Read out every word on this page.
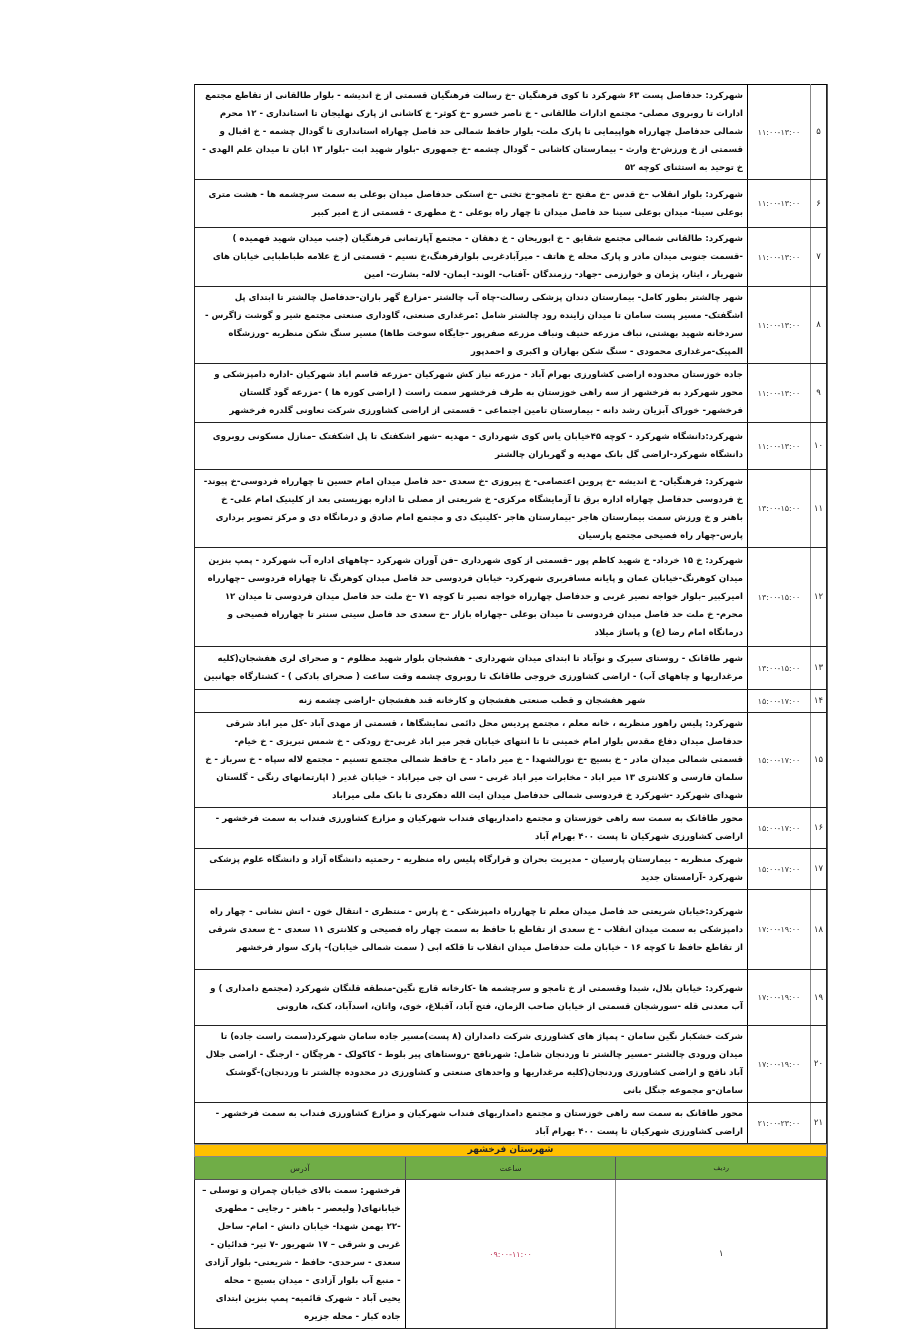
۵	۱۱:۰۰-۱۳:۰۰	شهرکرد: حدفاصل پست ۶۳ شهرکرد تا کوی فرهنگیان –خ رسالت فرهنگیان قسمتی از خ اندیشه - بلوار طالقانی از تقاطع مجتمع ادارات تا روبروی مصلی- مجتمع ادارات طالقانی - خ ناصر خسرو –خ کوثر- خ کاشانی از پارک نهلیجان تا استانداری - ۱۲ محرم شمالی حدفاصل چهارراه هواپیمایی تا پارک ملت- بلوار حافظ شمالی حد فاصل چهاراه استانداری تا گودال چشمه - خ اقبال و قسمتی از خ ورزش-خ وارث - بیمارستان کاشانی – گودال چشمه -خ جمهوری -بلوار شهید ابت -بلوار ۱۳ ابان تا میدان علم الهدی - خ توحید به استثنای کوچه ۵۲
۶	۱۱:۰۰-۱۳:۰۰	شهرکرد: بلوار انقلاب –خ قدس –خ مفتح –خ تامجو–خ تختی –خ استکی حدفاصل میدان بوعلی به سمت سرچشمه ها - هشت متری بوعلی سینا- میدان بوعلی سینا حد فاصل میدان تا چهار راه بوعلی - خ مطهری - قسمتی از خ امیر کبیر
۷	۱۱:۰۰-۱۳:۰۰	شهرکرد: طالقانی شمالی مجتمع شقایق - خ ابوریحان - خ دهقان - مجتمع آپارتمانی فرهنگیان (جنب میدان شهید فهمیده ) -قسمت جنوبی میدان مادر و پارک محله خ هاتف - میرآبادغربی بلوارفرهنگ،خ نسیم - قسمتی از خ علامه طباطبایی خیابان های شهریار ، ایثار، پژمان و خوارزمی -جهاد- رزمندگان -آفتاب- الوند- ایمان- لاله- بشارت- امین
۸	۱۱:۰۰-۱۳:۰۰	شهر چالشتر بطور کامل- بیمارستان دندان پزشکی رسالت-چاه آب چالشتر -مزارع گهر باران-حدفاصل چالشتر تا ابتدای پل اشگفتک- مسیر پست سامان تا میدان زاینده رود چالشتر شامل :مرغداری صنعتی، گاوداری صنعتی مجتمع شیر و گوشت زاگرس - سردخانه شهید بهشتی، نباف مزرعه حنیف ونباف مزرعه صفرپور -جایگاه سوخت طاها) مسیر سنگ شکن منظریه -ورزشگاه المپیک-مرغداری محمودی - سنگ شکن بهاران و اکبری و احمدپور
۹	۱۱:۰۰-۱۳:۰۰	جاده خوزستان محدوده اراضی کشاورزی بهرام آباد - مزرعه نیاز کش شهرکیان -مزرعه قاسم اباد شهرکیان -اداره دامپزشکی و محور شهرکرد به فرخشهر از سه راهی خوزستان به طرف فرخشهر سمت راست ( اراضی کوره ها ) -مزرعه گود گلستان فرخشهر- خوراک آبزیان رشد دانه - بیمارستان تامین اجتماعی - قسمتی از اراضی کشاورزی شرکت تعاونی گلدره فرخشهر
۱۰	۱۱:۰۰-۱۳:۰۰	شهرکرد:دانشگاه شهرکرد - کوچه ۴۵خیابان یاس کوی شهرداری - مهدیه –شهر اشکفتک تا پل اشکفتک –منازل مسکونی روبروی دانشگاه شهرکرد-اراضی گل بانک مهدیه و گهرباران چالشتر
۱۱	۱۳:۰۰-۱۵:۰۰	شهرکرد: فرهنگیان- خ اندیشه -خ پروین اعتصامی- خ پیروزی -خ سعدی -حد فاصل میدان امام حسین تا چهارراه فردوسی-خ پیوند- خ فردوسی حدفاصل چهاراه اداره برق تا آزمایشگاه مرکزی- خ شریعتی از مصلی تا اداره بهزیستی بعد از کلینیک امام علی- خ باهنر و خ ورزش سمت بیمارستان هاجر -بیمارستان هاجر -کلینیک دی و مجتمع امام صادق و درمانگاه دی و مرکز تصویر برداری پارس-چهار راه فصیحی مجتمع پارسیان
۱۲	۱۳:۰۰-۱۵:۰۰	شهرکرد: خ ۱۵ خرداد- خ شهید کاظم پور –قسمتی از کوی شهرداری –فن آوران شهرکرد –چاههای اداره آب شهرکرد - پمپ بنزین میدان کوهرنگ-خیابان عمان و پایانه مسافربری شهرکرد- خیابان فردوسی حد فاصل میدان کوهرنگ تا چهاراه فردوسی –چهارراه امیرکبیر –بلوار خواجه نصیر غربی و حدفاصل چهارراه خواجه نصیر تا کوچه ۷۱ –خ ملت حد فاصل میدان فردوسی تا میدان ۱۲ محرم- خ ملت حد فاصل میدان فردوسی تا میدان بوعلی –چهاراه بازار –خ سعدی حد فاصل سیتی سنتر تا چهارراه فصیحی و درمانگاه امام رضا (ع) و پاساژ میلاد
۱۳	۱۳:۰۰-۱۵:۰۰	شهر طاقانک - روستای سیرک و نوآباد تا ابتدای میدان شهرداری - هفشجان بلوار شهید مظلوم - و صحرای لری هفشجان(کلیه مرغداریها و چاههای آب) - اراضی کشاورزی خروجی طاقانک تا روبروی چشمه وقت ساعت ( صحرای بادکی ) - کشتارگاه جهانبین
۱۴	۱۵:۰۰-۱۷:۰۰	شهر هفشجان و قطب صنعتی هفشجان و کارخانه قند هفشجان -اراضی چشمه زنه
۱۵	۱۵:۰۰-۱۷:۰۰	شهرکرد: پلیس راهور منظریه ، خانه معلم ، مجتمع پردیس محل دائمی نمایشگاها ، قسمتی از مهدی آباد -کل میر اباد شرقی حدفاصل میدان دفاع مقدس بلوار امام خمینی تا تا انتهای خیابان فجر میر اباد غربی-خ رودکی - خ شمس تبریزی - خ خیام- قسمتی شمالی میدان مادر - خ بسیج -خ نورالشهدا - خ میر داماد - خ حافظ شمالی مجتمع تسنیم - مجتمع لاله سپاه - خ سرباز - خ سلمان فارسی و کلانتری ۱۳ میر اباد - مخابرات میر اباد غربی - سی ان جی میراباد - خیابان غدیر ( اپارتمانهای رنگی - گلستان شهدای شهرکرد -شهرکرد خ فردوسی شمالی حدفاصل میدان ایت الله دهکردی تا بانک ملی میراباد
۱۶	۱۵:۰۰-۱۷:۰۰	محور طاقانک به سمت سه راهی خوزستان و مجتمع دامداریهای فنداب شهرکیان و مزارع کشاورزی فنداب به سمت فرخشهر - اراضی کشاورزی شهرکیان تا پست ۴۰۰ بهرام آباد
۱۷	۱۵:۰۰-۱۷:۰۰	شهرک منظریه - بیمارستان پارسیان - مدیریت بحران و قرارگاه پلیس راه منظریه - رحمتیه دانشگاه آزاد و دانشگاه علوم پزشکی شهرکرد -آرامستان جدید
۱۸	۱۷:۰۰-۱۹:۰۰	شهرکرد:خیابان شریعتی حد فاصل میدان معلم تا چهارراه دامپزشکی - خ پارس - منتظری - انتقال خون - اتش نشانی - چهار راه دامپزشکی به سمت میدان انقلاب - خ سعدی از تقاطع با حافظ به سمت چهار راه فصیحی و کلانتری ۱۱ سعدی - خ سعدی شرقی از تقاطع حافظ تا کوچه ۱۶ - خیابان ملت حدفاصل میدان انقلاب تا قلکه ابی ( سمت شمالی خیابان)- پارک سوار فرخشهر
۱۹	۱۷:۰۰-۱۹:۰۰	شهرکرد: خیابان بلال، شبدا وقسمتی از خ تامجو و سرچشمه ها -کارخانه قارچ نگین-منطقه قلنگان شهرکرد (مجتمع دامداری ) و آب معدنی قله -سورشجان قسمتی از خیابان صاحب الزمان، فتح آباد، آقبلاغ، خوی، واتان، اسدآباد، کنک، هارونی
۲۰	۱۷:۰۰-۱۹:۰۰	شرکت خشکبار نگین سامان - پمپاژ های کشاورزی شرکت دامداران (۸ پست)مسیر جاده سامان شهرکرد(سمت راست جاده) تا میدان ورودی چالشتر -مسیر چالشتر تا وردنجان شامل: شهرنافچ -روستاهای پیر بلوط - کاکولک - هرچگان - ارجنگ - اراضی جلال آباد نافچ و اراضی کشاورزی وردنجان(کلیه مرغداریها و واحدهای صنعتی و کشاورزی در محدوده چالشتر تا وردنجان)-گوشتک سامان-و مجموعه جنگل بانی
۲۱	۲۱:۰۰-۲۳:۰۰	محور طاقانک به سمت سه راهی خوزستان و مجتمع دامداریهای فنداب شهرکیان و مزارع کشاورزی فنداب به سمت فرخشهر - اراضی کشاورزی شهرکیان تا پست ۴۰۰ بهرام آباد
شهرستان فرخشهر		
ردیف	ساعت	آدرس
۱	۰۹:۰۰-۱۱:۰۰	فرخشهر: سمت بالای خیابان چمران و توسلی –خیابانهای( ولیعصر - باهنر - رجایی - مطهری -۲۲ بهمن شهدا- خیابان دانش - امام- ساحل غربی و شرقی – ۱۷ شهریور -۷ تیر- فدائیان - سعدی - سرحدی- حافظ - شریعتی- بلوار آزادی - منبع آب بلوار آزادی - میدان بسیج - محله یحیی آباد - شهرک قائمیه- پمپ بنزین ابتدای جاده کبار - محله جزیره
